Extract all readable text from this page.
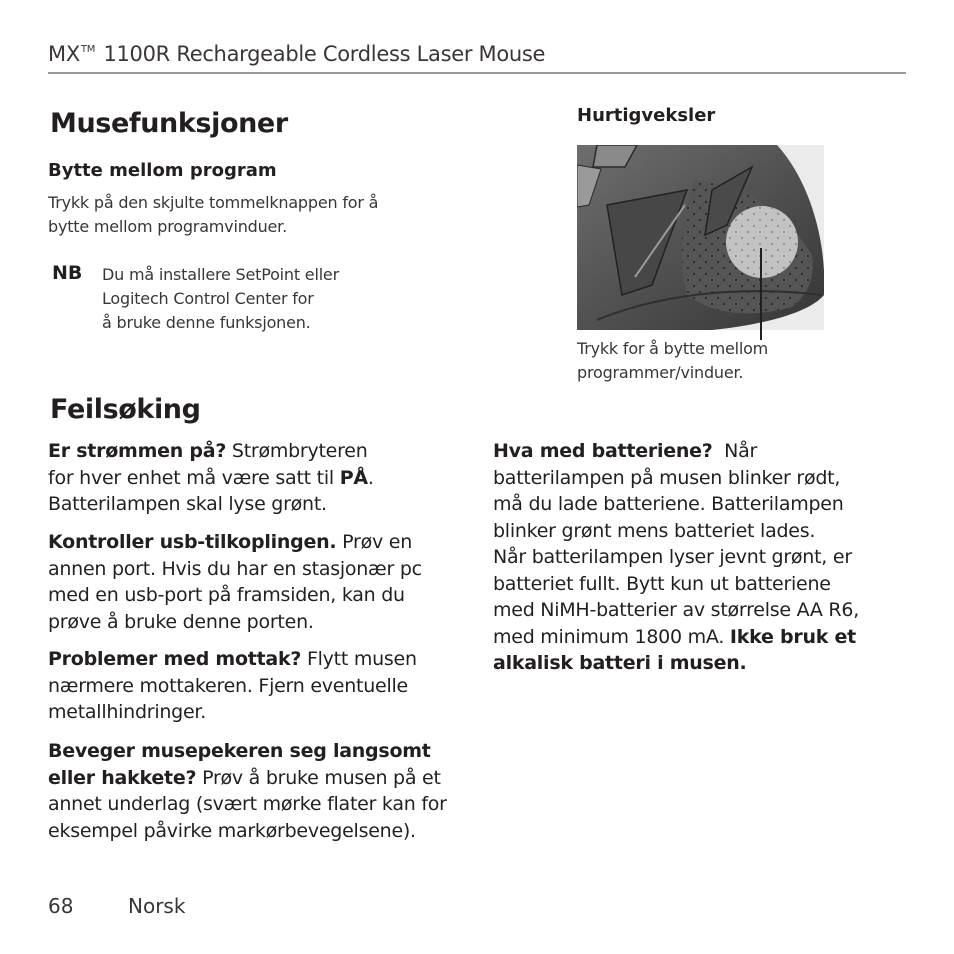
MX™ 1100R Rechargeable Cordless Laser Mouse
Musefunksjoner
Bytte mellom program
Trykk på den skjulte tommelknappen for å
bytte mellom programvinduer.
NB Du må installere SetPoint eller
Logitech Control Center for
å bruke denne funksjonen.
Hurtigveksler
Trykk for å bytte mellom
programmer/vinduer.
Feilsøking
Er strømmen på? Strømbryteren
for hver enhet må være satt til PÅ.
Batterilampen skal lyse grønt.
Kontroller usb-tilkoplingen. Prøv en
annen port. Hvis du har en stasjonær pc
med en usb-port på framsiden, kan du
prøve å bruke denne porten.
Problemer med mottak? Flytt musen
nærmere mottakeren. Fjern eventuelle
metallhindringer.
Beveger musepekeren seg langsomt
eller hakkete? Prøv å bruke musen på et
annet underlag (svært mørke flater kan for
eksempel påvirke markørbevegelsene).
Hva med batteriene? Når
batterilampen på musen blinker rødt,
må du lade batteriene. Batterilampen
blinker grønt mens batteriet lades.
Når batterilampen lyser jevnt grønt, er
batteriet fullt. Bytt kun ut batteriene
med NiMH-batterier av størrelse AA R6,
med minimum 1800 mA. Ikke bruk et
alkalisk batteri i musen.
68	Norsk
